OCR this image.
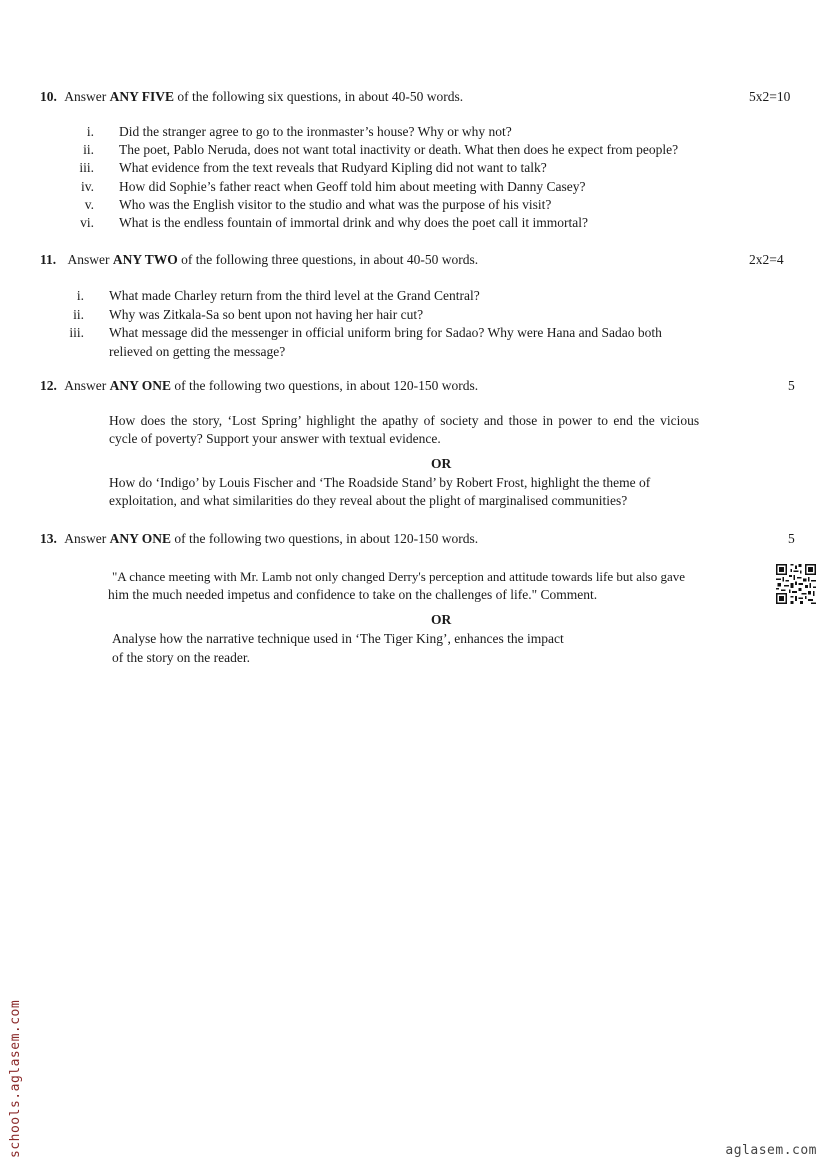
10. Answer ANY FIVE of the following six questions, in about 40-50 words.	5x2=10
i. Did the stranger agree to go to the ironmaster’s house? Why or why not?
ii. The poet, Pablo Neruda, does not want total inactivity or death. What then does he expect from people?
iii. What evidence from the text reveals that Rudyard Kipling did not want to talk?
iv. How did Sophie’s father react when Geoff told him about meeting with Danny Casey?
v. Who was the English visitor to the studio and what was the purpose of his visit?
vi. What is the endless fountain of immortal drink and why does the poet call it immortal?
11. Answer ANY TWO of the following three questions, in about 40-50 words.	2x2=4
i. What made Charley return from the third level at the Grand Central?
ii. Why was Zitkala-Sa so bent upon not having her hair cut?
iii. What message did the messenger in official uniform bring for Sadao? Why were Hana and Sadao both
relieved on getting the message?
12. Answer ANY ONE of the following two questions, in about 120-150 words.	5
How does the story, ‘Lost Spring’ highlight the apathy of society and those in power to end the vicious
cycle of poverty? Support your answer with textual evidence.
OR
How do ‘Indigo’ by Louis Fischer and ‘The Roadside Stand’ by Robert Frost, highlight the theme of
exploitation, and what similarities do they reveal about the plight of marginalised communities?
13. Answer ANY ONE of the following two questions, in about 120-150 words.	5
"A chance meeting with Mr. Lamb not only changed Derry's perception and attitude towards life but also gave
him the much needed impetus and confidence to take on the challenges of life." Comment.
OR
Analyse how the narrative technique used in ‘The Tiger King’, enhances the impact
of the story on the reader.
schools.aglasem.com	aglasem.com
